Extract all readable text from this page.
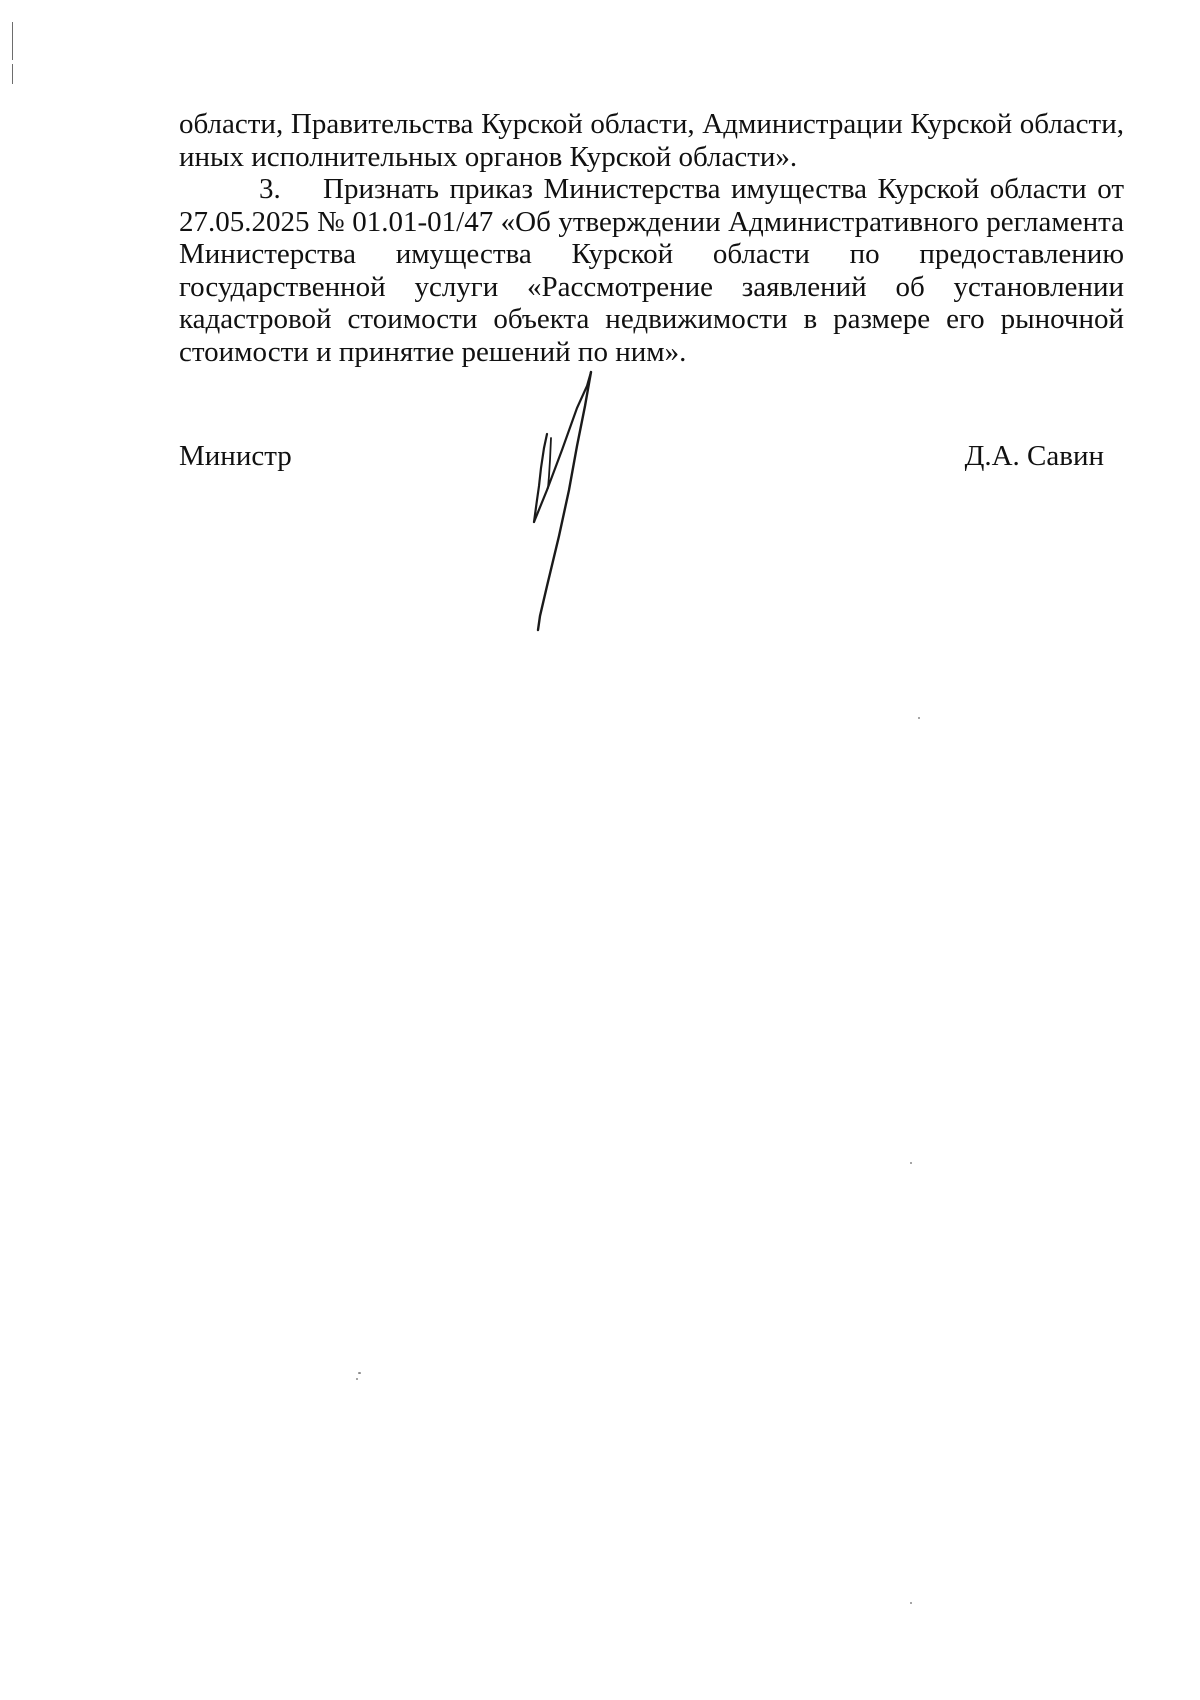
области, Правительства Курской области, Администрации Курской области, иных исполнительных органов Курской области».

3. Признать приказ Министерства имущества Курской области от 27.05.2025 № 01.01-01/47 «Об утверждении Административного регламента Министерства имущества Курской области по предоставлению государственной услуги «Рассмотрение заявлений об установлении кадастровой стоимости объекта недвижимости в размере его рыночной стоимости и принятие решений по ним».

Министр	Д.А. Савин
